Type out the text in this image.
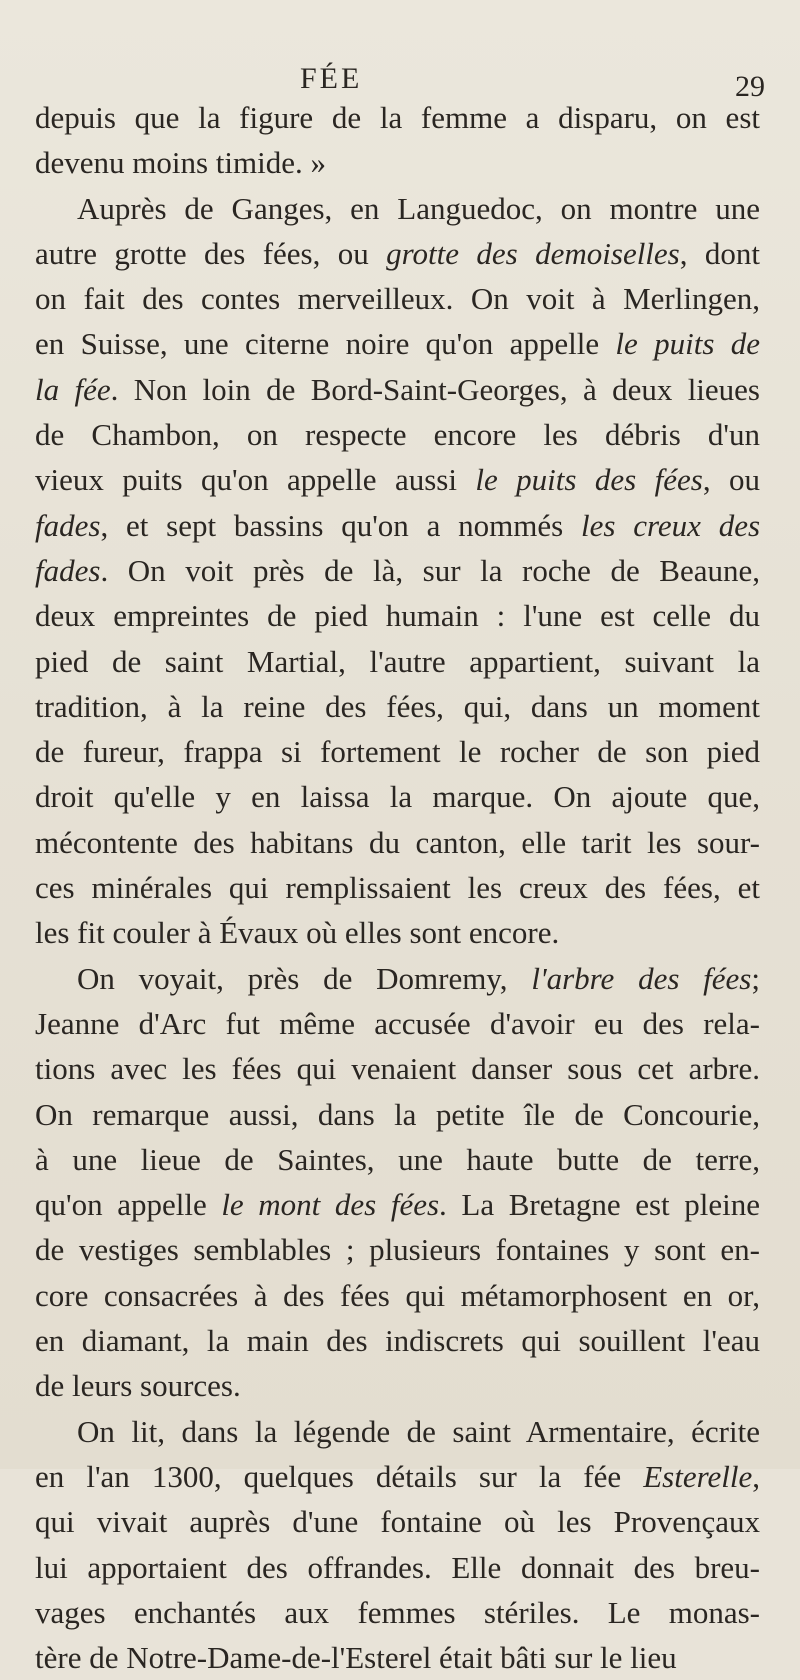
FÉE	29
depuis que la figure de la femme a disparu, on est
devenu moins timide. »
Auprès de Ganges, en Languedoc, on montre une
autre grotte des fées, ou grotte des demoiselles, dont
on fait des contes merveilleux. On voit à Merlingen,
en Suisse, une citerne noire qu'on appelle le puits de
la fée. Non loin de Bord-Saint-Georges, à deux lieues
de Chambon, on respecte encore les débris d'un
vieux puits qu'on appelle aussi le puits des fées, ou
fades, et sept bassins qu'on a nommés les creux des
fades. On voit près de là, sur la roche de Beaune,
deux empreintes de pied humain : l'une est celle du
pied de saint Martial, l'autre appartient, suivant la
tradition, à la reine des fées, qui, dans un moment
de fureur, frappa si fortement le rocher de son pied
droit qu'elle y en laissa la marque. On ajoute que,
mécontente des habitans du canton, elle tarit les sour-
ces minérales qui remplissaient les creux des fées, et
les fit couler à Évaux où elles sont encore.
On voyait, près de Domremy, l'arbre des fées;
Jeanne d'Arc fut même accusée d'avoir eu des rela-
tions avec les fées qui venaient danser sous cet arbre.
On remarque aussi, dans la petite île de Concourie,
à une lieue de Saintes, une haute butte de terre,
qu'on appelle le mont des fées. La Bretagne est pleine
de vestiges semblables ; plusieurs fontaines y sont en-
core consacrées à des fées qui métamorphosent en or,
en diamant, la main des indiscrets qui souillent l'eau
de leurs sources.
On lit, dans la légende de saint Armentaire, écrite
en l'an 1300, quelques détails sur la fée Esterelle,
qui vivait auprès d'une fontaine où les Provençaux
lui apportaient des offrandes. Elle donnait des breu-
vages enchantés aux femmes stériles. Le monas-
tère de Notre-Dame-de-l'Esterel était bâti sur le lieu
